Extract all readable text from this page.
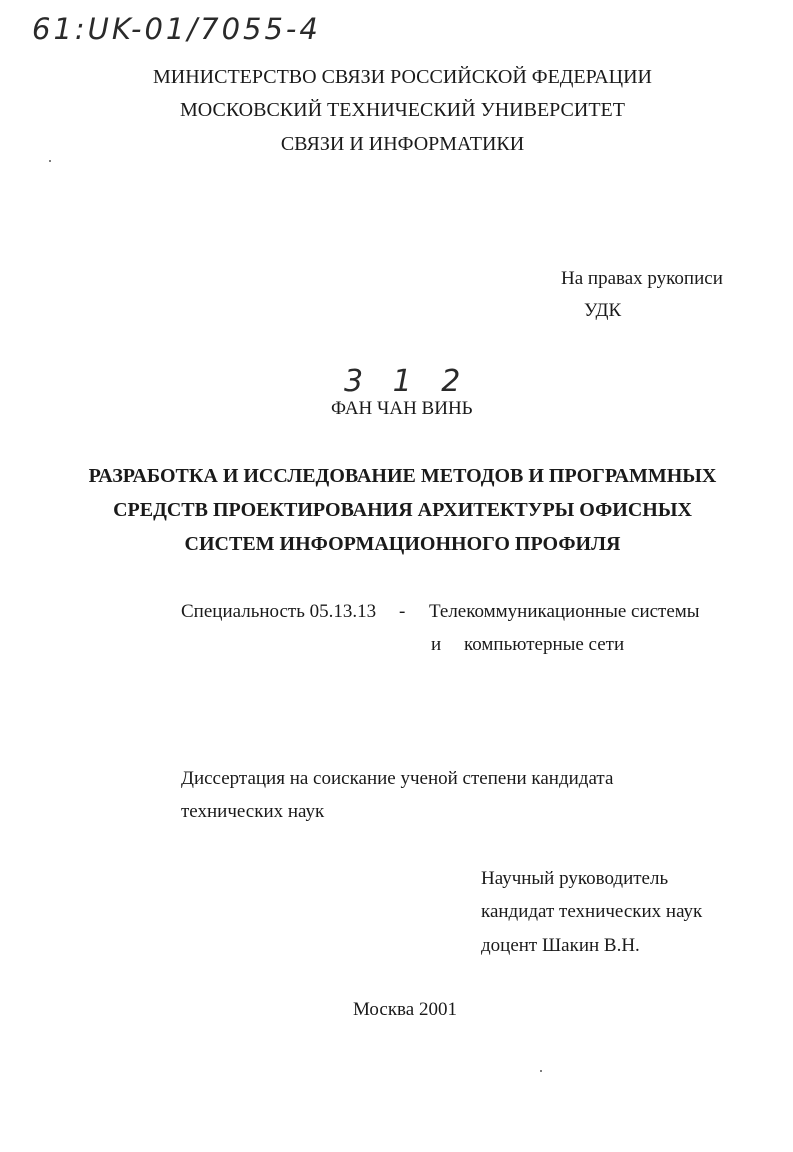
61:UK-01/7055-4
МИНИСТЕРСТВО СВЯЗИ РОССИЙСКОЙ ФЕДЕРАЦИИ
МОСКОВСКИЙ ТЕХНИЧЕСКИЙ УНИВЕРСИТЕТ
СВЯЗИ И ИНФОРМАТИКИ
На правах рукописи
УДК
3 1 2
ФАН ЧАН ВИНЬ
РАЗРАБОТКА И ИССЛЕДОВАНИЕ МЕТОДОВ И ПРОГРАММНЫХ
СРЕДСТВ ПРОЕКТИРОВАНИЯ АРХИТЕКТУРЫ ОФИСНЫХ
СИСТЕМ ИНФОРМАЦИОННОГО ПРОФИЛЯ
Специальность 05.13.13 - Телекоммуникационные системы
и компьютерные сети
Диссертация на соискание ученой степени кандидата
технических наук
Научный руководитель
кандидат технических наук
доцент Шакин В.Н.
Москва 2001
